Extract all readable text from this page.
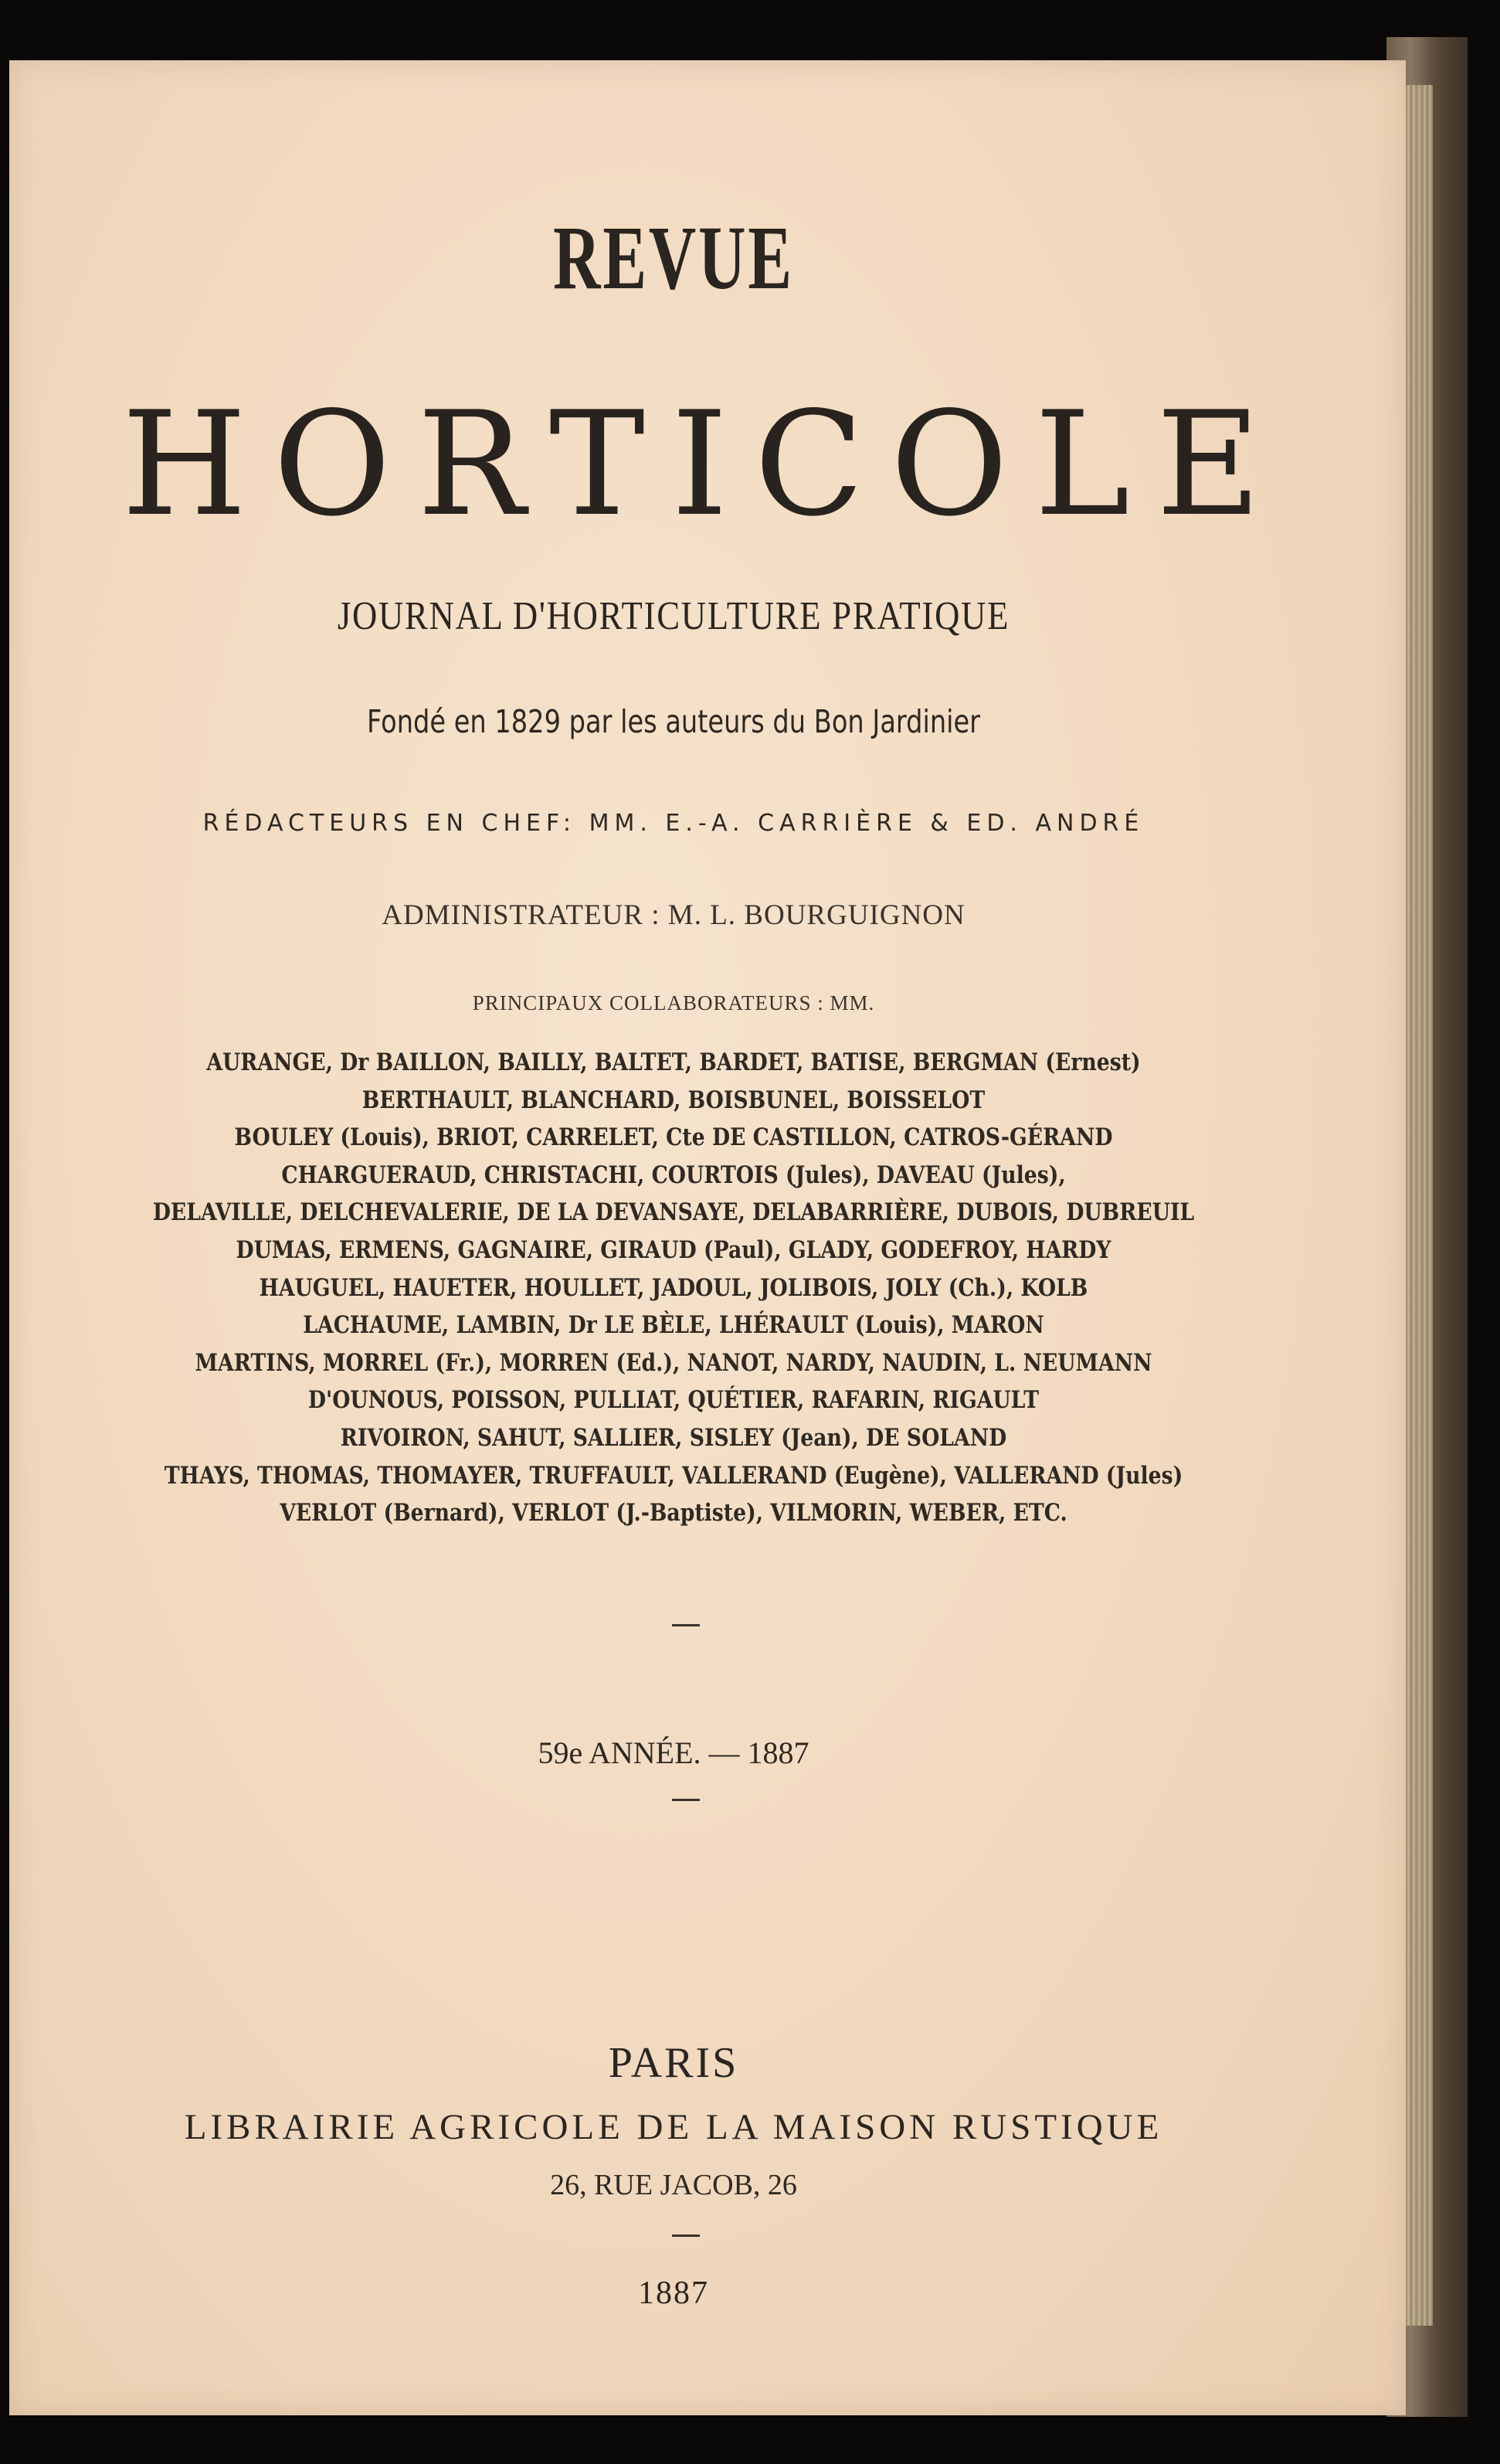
REVUE
HORTICOLE
JOURNAL D'HORTICULTURE PRATIQUE
Fondé en 1829 par les auteurs du Bon Jardinier
RÉDACTEURS EN CHEF: MM. E.-A. CARRIÈRE & ED. ANDRÉ
ADMINISTRATEUR : M. L. BOURGUIGNON
PRINCIPAUX COLLABORATEURS : MM.
AURANGE, Dr BAILLON, BAILLY, BALTET, BARDET, BATISE, BERGMAN (Ernest)
BERTHAULT, BLANCHARD, BOISBUNEL, BOISSELOT
BOULEY (Louis), BRIOT, CARRELET, Cte DE CASTILLON, CATROS-GÉRAND
CHARGUERAUD, CHRISTACHI, COURTOIS (Jules), DAVEAU (Jules),
DELAVILLE, DELCHEVALERIE, DE LA DEVANSAYE, DELABARRIÈRE, DUBOIS, DUBREUIL
DUMAS, ERMENS, GAGNAIRE, GIRAUD (Paul), GLADY, GODEFROY, HARDY
HAUGUEL, HAUETER, HOULLET, JADOUL, JOLIBOIS, JOLY (Ch.), KOLB
LACHAUME, LAMBIN, Dr LE BÈLE, LHÉRAULT (Louis), MARON
MARTINS, MORREL (Fr.), MORREN (Ed.), NANOT, NARDY, NAUDIN, L. NEUMANN
D'OUNOUS, POISSON, PULLIAT, QUÉTIER, RAFARIN, RIGAULT
RIVOIRON, SAHUT, SALLIER, SISLEY (Jean), DE SOLAND
THAYS, THOMAS, THOMAYER, TRUFFAULT, VALLERAND (Eugène), VALLERAND (Jules)
VERLOT (Bernard), VERLOT (J.-Baptiste), VILMORIN, WEBER, ETC.
59e ANNÉE. — 1887
PARIS
LIBRAIRIE AGRICOLE DE LA MAISON RUSTIQUE
26, RUE JACOB, 26
1887
